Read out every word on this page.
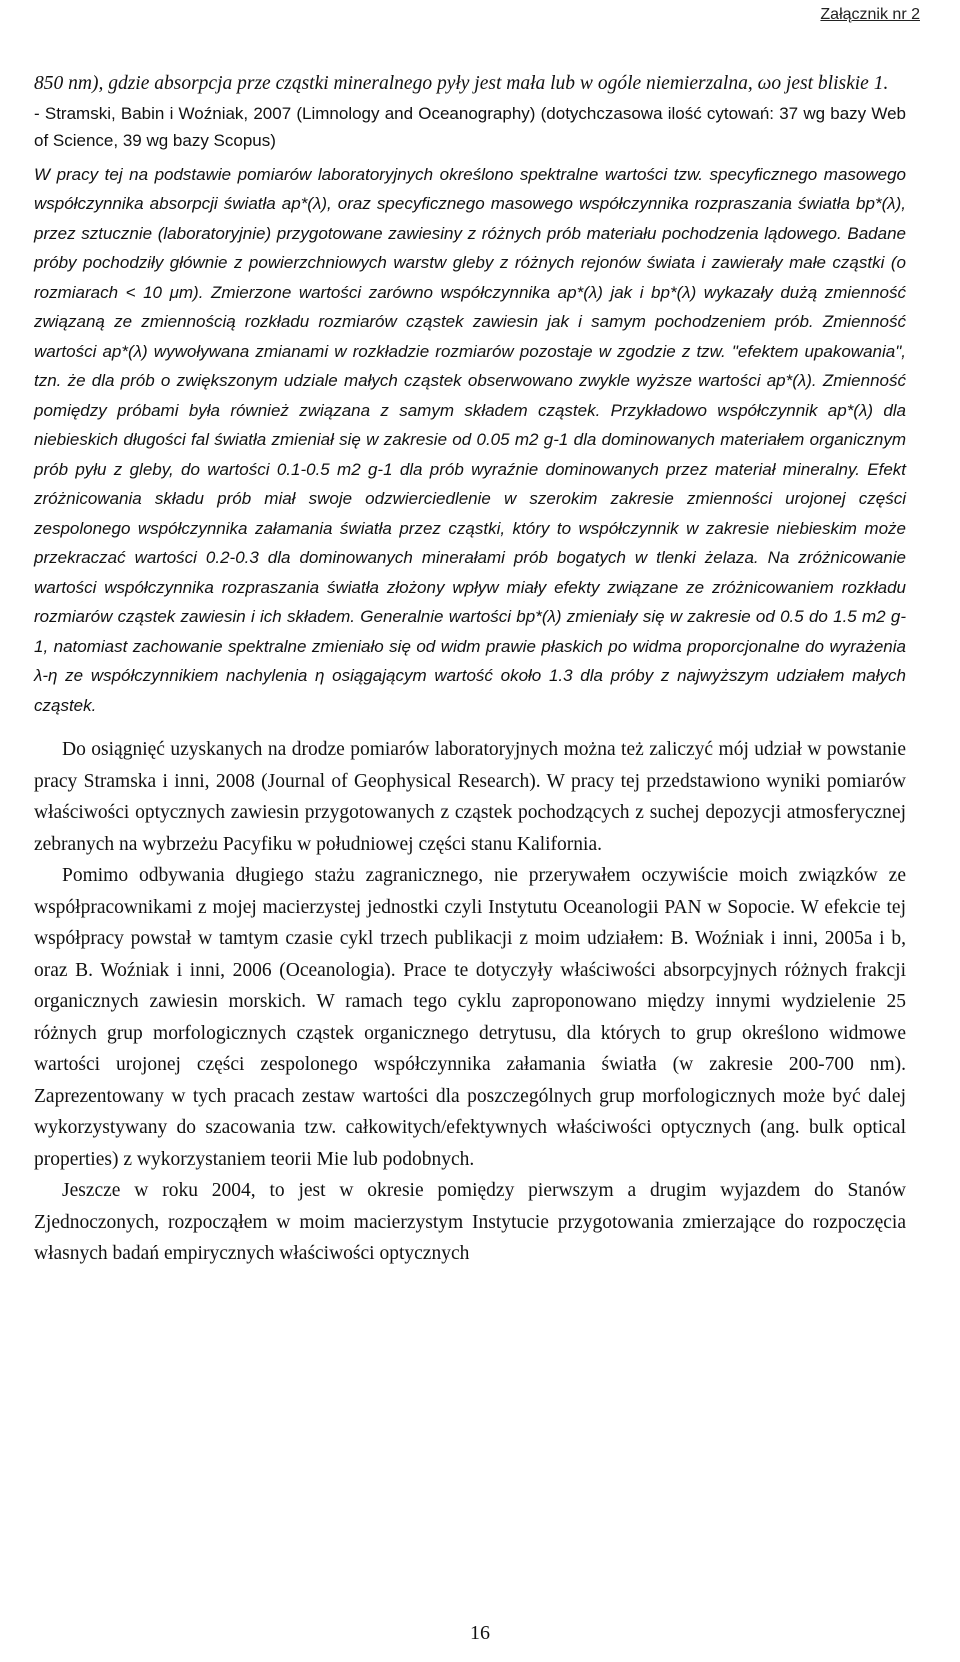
Załącznik nr 2

850 nm), gdzie absorpcja prze cząstki mineralnego pyły jest mała lub w ogóle niemierzalna, ωo jest bliskie 1.

- Stramski, Babin i Woźniak, 2007 (Limnology and Oceanography) (dotychczasowa ilość cytowań: 37 wg bazy Web of Science, 39 wg bazy Scopus)

W pracy tej na podstawie pomiarów laboratoryjnych określono spektralne wartości tzw. specyficznego masowego współczynnika absorpcji światła ap*(λ), oraz specyficznego masowego współczynnika rozpraszania światła bp*(λ), przez sztucznie (laboratoryjnie) przygotowane zawiesiny z różnych prób materiału pochodzenia lądowego. Badane próby pochodziły głównie z powierzchniowych warstw gleby z różnych rejonów świata i zawierały małe cząstki (o rozmiarach < 10 μm). Zmierzone wartości zarówno współczynnika ap*(λ) jak i bp*(λ) wykazały dużą zmienność związaną ze zmiennością rozkładu rozmiarów cząstek zawiesin jak i samym pochodzeniem prób. Zmienność wartości ap*(λ) wywoływana zmianami w rozkładzie rozmiarów pozostaje w zgodzie z tzw. "efektem upakowania", tzn. że dla prób o zwiększonym udziale małych cząstek obserwowano zwykle wyższe wartości ap*(λ). Zmienność pomiędzy próbami była również związana z samym składem cząstek. Przykładowo współczynnik ap*(λ) dla niebieskich długości fal światła zmieniał się w zakresie od 0.05 m2 g-1 dla dominowanych materiałem organicznym prób pyłu z gleby, do wartości 0.1-0.5 m2 g-1 dla prób wyraźnie dominowanych przez materiał mineralny. Efekt zróżnicowania składu prób miał swoje odzwierciedlenie w szerokim zakresie zmienności urojonej części zespolonego współczynnika załamania światła przez cząstki, który to współczynnik w zakresie niebieskim może przekraczać wartości 0.2-0.3 dla dominowanych minerałami prób bogatych w tlenki żelaza. Na zróżnicowanie wartości współczynnika rozpraszania światła złożony wpływ miały efekty związane ze zróżnicowaniem rozkładu rozmiarów cząstek zawiesin i ich składem. Generalnie wartości bp*(λ) zmieniały się w zakresie od 0.5 do 1.5 m2 g-1, natomiast zachowanie spektralne zmieniało się od widm prawie płaskich po widma proporcjonalne do wyrażenia λ-η ze współczynnikiem nachylenia η osiągającym wartość około 1.3 dla próby z najwyższym udziałem małych cząstek.

Do osiągnięć uzyskanych na drodze pomiarów laboratoryjnych można też zaliczyć mój udział w powstanie pracy Stramska i inni, 2008 (Journal of Geophysical Research). W pracy tej przedstawiono wyniki pomiarów właściwości optycznych zawiesin przygotowanych z cząstek pochodzących z suchej depozycji atmosferycznej zebranych na wybrzeżu Pacyfiku w południowej części stanu Kalifornia.

Pomimo odbywania długiego stażu zagranicznego, nie przerywałem oczywiście moich związków ze współpracownikami z mojej macierzystej jednostki czyli Instytutu Oceanologii PAN w Sopocie. W efekcie tej współpracy powstał w tamtym czasie cykl trzech publikacji z moim udziałem: B. Woźniak i inni, 2005a i b, oraz B. Woźniak i inni, 2006 (Oceanologia). Prace te dotyczyły właściwości absorpcyjnych różnych frakcji organicznych zawiesin morskich. W ramach tego cyklu zaproponowano między innymi wydzielenie 25 różnych grup morfologicznych cząstek organicznego detrytusu, dla których to grup określono widmowe wartości urojonej części zespolonego współczynnika załamania światła (w zakresie 200-700 nm). Zaprezentowany w tych pracach zestaw wartości dla poszczególnych grup morfologicznych może być dalej wykorzystywany do szacowania tzw. całkowitych/efektywnych właściwości optycznych (ang. bulk optical properties) z wykorzystaniem teorii Mie lub podobnych.

Jeszcze w roku 2004, to jest w okresie pomiędzy pierwszym a drugim wyjazdem do Stanów Zjednoczonych, rozpocząłem w moim macierzystym Instytucie przygotowania zmierzające do rozpoczęcia własnych badań empirycznych właściwości optycznych

16
